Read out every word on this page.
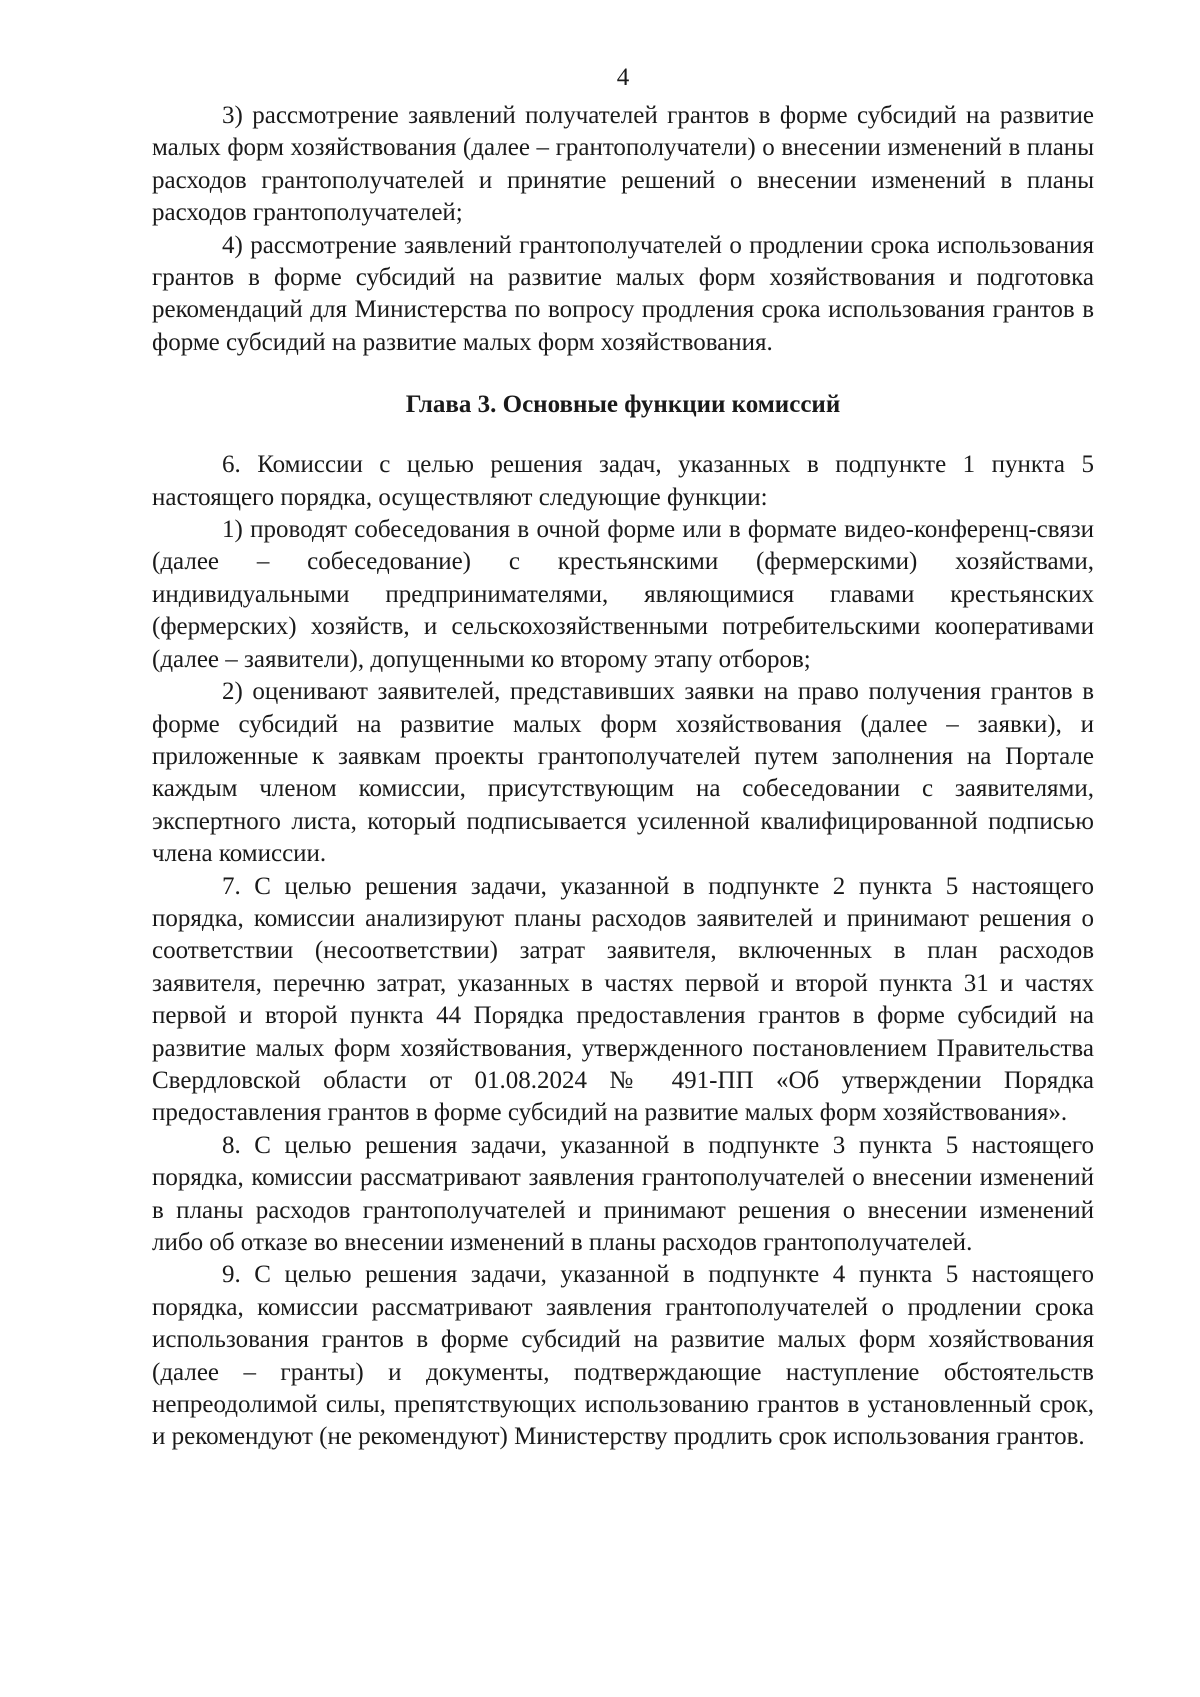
4

3) рассмотрение заявлений получателей грантов в форме субсидий на развитие малых форм хозяйствования (далее – грантополучатели) о внесении изменений в планы расходов грантополучателей и принятие решений о внесении изменений в планы расходов грантополучателей;

4) рассмотрение заявлений грантополучателей о продлении срока использования грантов в форме субсидий на развитие малых форм хозяйствования и подготовка рекомендаций для Министерства по вопросу продления срока использования грантов в форме субсидий на развитие малых форм хозяйствования.

Глава 3. Основные функции комиссий

6. Комиссии с целью решения задач, указанных в подпункте 1 пункта 5 настоящего порядка, осуществляют следующие функции:

1) проводят собеседования в очной форме или в формате видео-конференц-связи (далее – собеседование) с крестьянскими (фермерскими) хозяйствами, индивидуальными предпринимателями, являющимися главами крестьянских (фермерских) хозяйств, и сельскохозяйственными потребительскими кооперативами (далее – заявители), допущенными ко второму этапу отборов;

2) оценивают заявителей, представивших заявки на право получения грантов в форме субсидий на развитие малых форм хозяйствования (далее – заявки), и приложенные к заявкам проекты грантополучателей путем заполнения на Портале каждым членом комиссии, присутствующим на собеседовании с заявителями, экспертного листа, который подписывается усиленной квалифицированной подписью члена комиссии.

7. С целью решения задачи, указанной в подпункте 2 пункта 5 настоящего порядка, комиссии анализируют планы расходов заявителей и принимают решения о соответствии (несоответствии) затрат заявителя, включенных в план расходов заявителя, перечню затрат, указанных в частях первой и второй пункта 31 и частях первой и второй пункта 44 Порядка предоставления грантов в форме субсидий на развитие малых форм хозяйствования, утвержденного постановлением Правительства Свердловской области от 01.08.2024 № 491-ПП «Об утверждении Порядка предоставления грантов в форме субсидий на развитие малых форм хозяйствования».

8. С целью решения задачи, указанной в подпункте 3 пункта 5 настоящего порядка, комиссии рассматривают заявления грантополучателей о внесении изменений в планы расходов грантополучателей и принимают решения о внесении изменений либо об отказе во внесении изменений в планы расходов грантополучателей.

9. С целью решения задачи, указанной в подпункте 4 пункта 5 настоящего порядка, комиссии рассматривают заявления грантополучателей о продлении срока использования грантов в форме субсидий на развитие малых форм хозяйствования (далее – гранты) и документы, подтверждающие наступление обстоятельств непреодолимой силы, препятствующих использованию грантов в установленный срок, и рекомендуют (не рекомендуют) Министерству продлить срок использования грантов.
